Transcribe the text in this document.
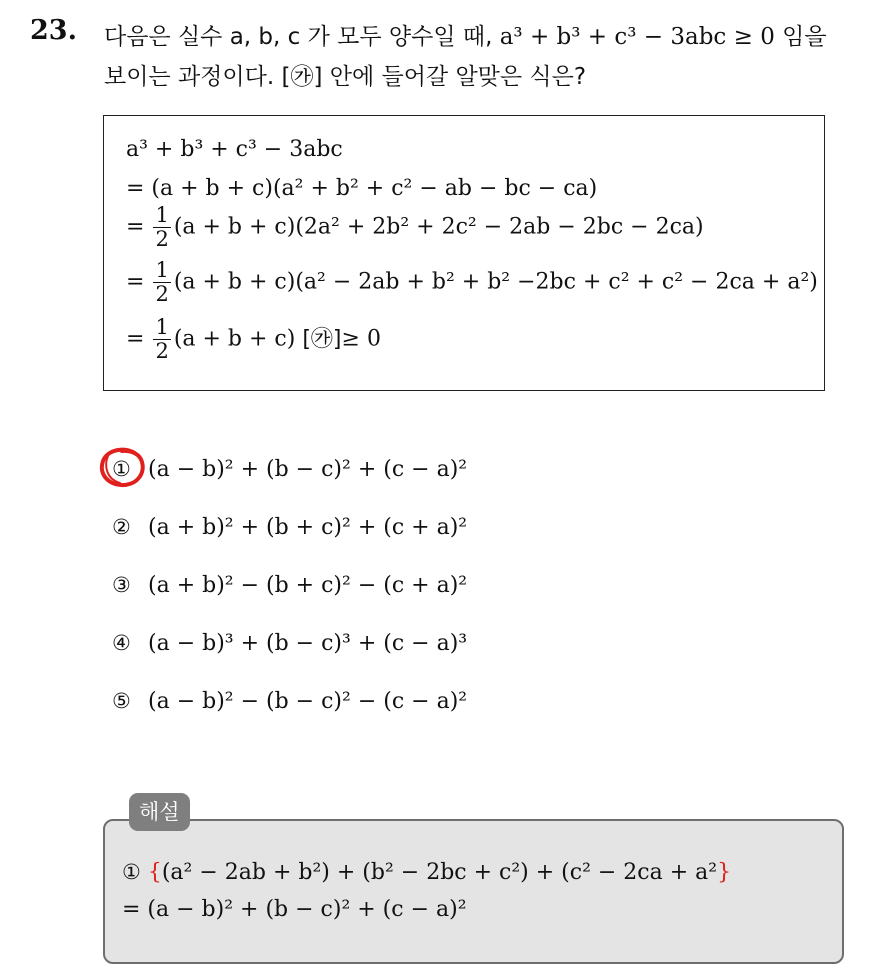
23. 다음은 실수 a, b, c 가 모두 양수일 때, a³ + b³ + c³ − 3abc ≥ 0 임을
보이는 과정이다. [㉮] 안에 들어갈 알맞은 식은?
a³ + b³ + c³ − 3abc
= (a + b + c)(a² + b² + c² − ab − bc − ca)
= $\frac{1}{2} (a + b + c)(2a^2 + 2b^2 + 2c^2 - 2ab - 2bc - 2ca)$
= $\frac{1}{2} (a + b + c)(a^2 - 2ab + b^2 + b^2 -2bc + c^2 + c^2 - 2ca + a^2)$
= $\frac{1}{2} (a + b + c)$ [㉮]≥ 0
① (a − b)² + (b − c)² + (c − a)²
② (a + b)² + (b + c)² + (c + a)²
③ (a + b)² − (b + c)² − (c + a)²
④ (a − b)³ + (b − c)³ + (c − a)³
⑤ (a − b)² − (b − c)² − (c − a)²
해설
① {(a² − 2ab + b²) + (b² − 2bc + c²) + (c² − 2ca + a²}
= (a − b)² + (b − c)² + (c − a)²
